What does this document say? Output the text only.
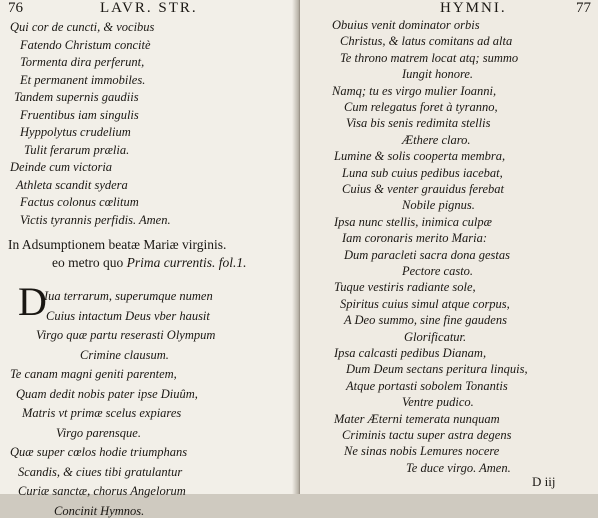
76	LAVR. STR.
Qui cor de cuncti, & vocibus
Fatendo Christum concitè
Tormenta dira perferunt,
Et permanent immobiles.
Tandem supernis gaudiis
Fruentibus iam singulis
Hyppolytus crudelium
Tulit ferarum prælia.
Deinde cum victoria
Athleta scandit sydera
Factus colonus cœlitum
Victis tyrannis perfidis. Amen.
In Adsumptionem beatæ Mariæ virginis.
eo metro quo Prima currentis. fol.1.
D
Iua terrarum, superumque numen
Cuius intactum Deus vber hausit
Virgo quæ partu reserasti Olympum
Crimine clausum.
Te canam magni geniti parentem,
Quam dedit nobis pater ipse Diuûm,
Matris vt primæ scelus expiares
Virgo parensque.
Quæ super cœlos hodie triumphans
Scandis, & ciues tibi gratulantur
Curiæ sanctæ, chorus Angelorum
Concinit Hymnos.
HYMNI.	77
Obuius venit dominator orbis
Christus, & latus comitans ad alta
Te throno matrem locat atq; summo
Iungit honore.
Namq; tu es virgo mulier Ioanni,
Cum relegatus foret à tyranno,
Visa bis senis redimita stellis
Æthere claro.
Lumine & solis cooperta membra,
Luna sub cuius pedibus iacebat,
Cuius & venter grauidus ferebat
Nobile pignus.
Ipsa nunc stellis, inimica culpæ
Iam coronaris merito Maria:
Dum paracleti sacra dona gestas
Pectore casto.
Tuque vestiris radiante sole,
Spiritus cuius simul atque corpus,
A Deo summo, sine fine gaudens
Glorificatur.
Ipsa calcasti pedibus Dianam,
Dum Deum sectans peritura linquis,
Atque portasti sobolem Tonantis
Ventre pudico.
Mater Æterni temerata nunquam
Criminis tactu super astra degens
Ne sinas nobis Lemures nocere
Te duce virgo. Amen.
D iij
